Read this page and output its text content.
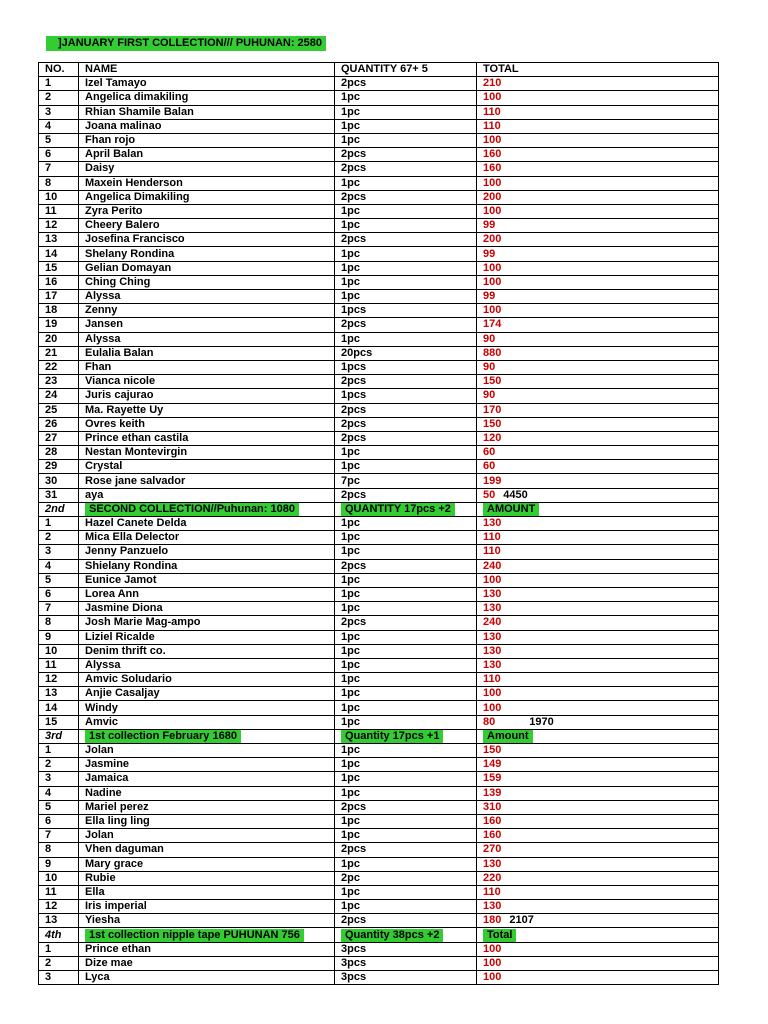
]JANUARY FIRST COLLECTION/// PUHUNAN: 2580
NO.	NAME	QUANTITY 67+ 5	TOTAL
1	Izel Tamayo	2pcs	210
2	Angelica dimakiling	1pc	100
3	Rhian Shamile Balan	1pc	110
4	Joana malinao	1pc	110
5	Fhan rojo	1pc	100
6	April Balan	2pcs	160
7	Daisy	2pcs	160
8	Maxein Henderson	1pc	100
10	Angelica Dimakiling	2pcs	200
11	Zyra Perito	1pc	100
12	Cheery Balero	1pc	99
13	Josefina Francisco	2pcs	200
14	Shelany Rondina	1pc	99
15	Gelian Domayan	1pc	100
16	Ching Ching	1pc	100
17	Alyssa	1pc	99
18	Zenny	1pcs	100
19	Jansen	2pcs	174
20	Alyssa	1pc	90
21	Eulalia Balan	20pcs	880
22	Fhan	1pcs	90
23	Vianca nicole	2pcs	150
24	Juris cajurao	1pcs	90
25	Ma. Rayette Uy	2pcs	170
26	Ovres keith	2pcs	150
27	Prince ethan castila	2pcs	120
28	Nestan Montevirgin	1pc	60
29	Crystal	1pc	60
30	Rose jane salvador	7pc	199
31	aya	2pcs	50 4450
2nd	SECOND COLLECTION//Puhunan: 1080	QUANTITY 17pcs +2	AMOUNT
1	Hazel Canete Delda	1pc	130
2	Mica Ella Delector	1pc	110
3	Jenny Panzuelo	1pc	110
4	Shielany Rondina	2pcs	240
5	Eunice Jamot	1pc	100
6	Lorea Ann	1pc	130
7	Jasmine Diona	1pc	130
8	Josh Marie Mag-ampo	2pcs	240
9	Liziel Ricalde	1pc	130
10	Denim thrift co.	1pc	130
11	Alyssa	1pc	130
12	Amvic Soludario	1pc	110
13	Anjie Casaljay	1pc	100
14	Windy	1pc	100
15	Amvic	1pc	80 1970
3rd	1st collection February 1680	Quantity 17pcs +1	Amount
1	Jolan	1pc	150
2	Jasmine	1pc	149
3	Jamaica	1pc	159
4	Nadine	1pc	139
5	Mariel perez	2pcs	310
6	Ella ling ling	1pc	160
7	Jolan	1pc	160
8	Vhen daguman	2pcs	270
9	Mary grace	1pc	130
10	Rubie	2pc	220
11	Ella	1pc	110
12	Iris imperial	1pc	130
13	Yiesha	2pcs	180 2107
4th	1st collection nipple tape PUHUNAN 756	Quantity 38pcs +2	Total
1	Prince ethan	3pcs	100
2	Dize mae	3pcs	100
3	Lyca	3pcs	100
